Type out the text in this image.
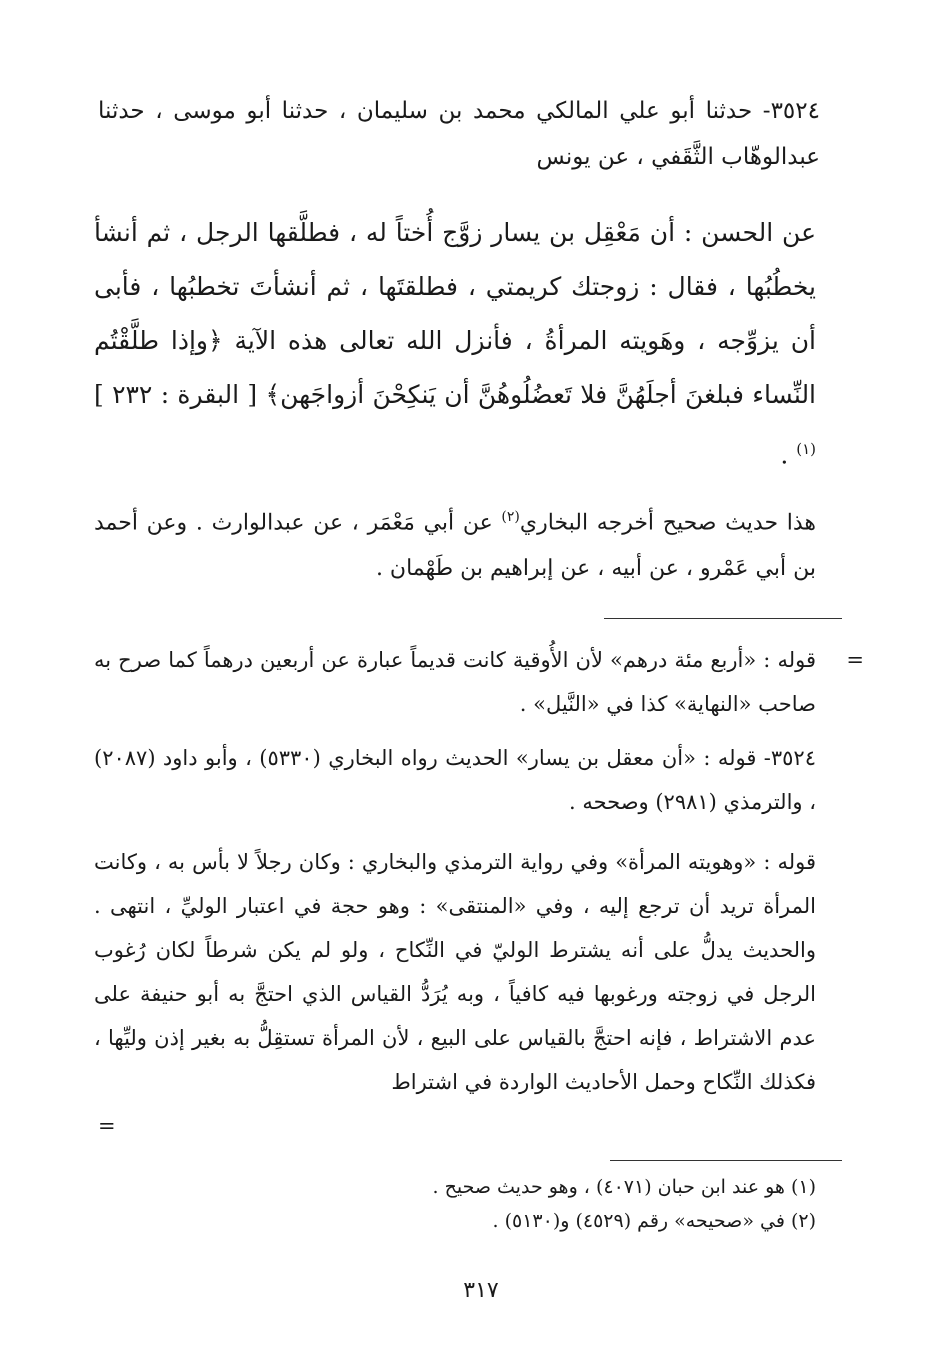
٣٥٢٤- حدثنا أبو علي المالكي محمد بن سليمان ، حدثنا أبو موسى ، حدثنا عبدالوهّاب الثَّقَفي ، عن يونس

عن الحسن : أن مَعْقِل بن يسار زوَّج أُختاً له ، فطلَّقها الرجل ، ثم أنشأ يخطُبُها ، فقال : زوجتك كريمتي ، فطلقتَها ، ثم أنشأتَ تخطبُها ، فأبى أن يزوِّجه ، وهَويته المرأةُ ، فأنزل الله تعالى هذه الآية ﴿وإذا طلَّقْتُم النِّساء فبلغنَ أجلَهُنَّ فلا تَعضُلُوهُنَّ أن يَنكِحْنَ أزواجَهن﴾ [ البقرة : ٢٣٢ ]$^{(١)}$ .

هذا حديث صحيح أخرجه البخاري$^{(٢)}$ عن أبي مَعْمَر ، عن عبدالوارث . وعن أحمد بن أبي عَمْرو ، عن أبيه ، عن إبراهيم بن طَهْمان .

=

قوله : «أربع مئة درهم» لأن الأُوقية كانت قديماً عبارة عن أربعين درهماً كما صرح به صاحب «النهاية» كذا في «النَّيل» .

٣٥٢٤- قوله : «أن معقل بن يسار» الحديث رواه البخاري (٥٣٣٠) ، وأبو داود (٢٠٨٧) ، والترمذي (٢٩٨١) وصححه .

قوله : «وهويته المرأة» وفي رواية الترمذي والبخاري : وكان رجلاً لا بأس به ، وكانت المرأة تريد أن ترجع إليه ، وفي «المنتقى» : وهو حجة في اعتبار الوليِّ ، انتهى . والحديث يدلُّ على أنه يشترط الوليّ في النِّكاح ، ولو لم يكن شرطاً لكان رُغوب الرجل في زوجته ورغوبها فيه كافياً ، وبه يُرَدُّ القياس الذي احتجَّ به أبو حنيفة على عدم الاشتراط ، فإنه احتجَّ بالقياس على البيع ، لأن المرأة تستقِلُّ به بغير إذن وليِّها ، فكذلك النِّكاح وحمل الأحاديث الواردة في اشتراط

=

(١) هو عند ابن حبان (٤٠٧١) ، وهو حديث صحيح .

(٢) في «صحيحه» رقم (٤٥٢٩) و(٥١٣٠) .

٣١٧
